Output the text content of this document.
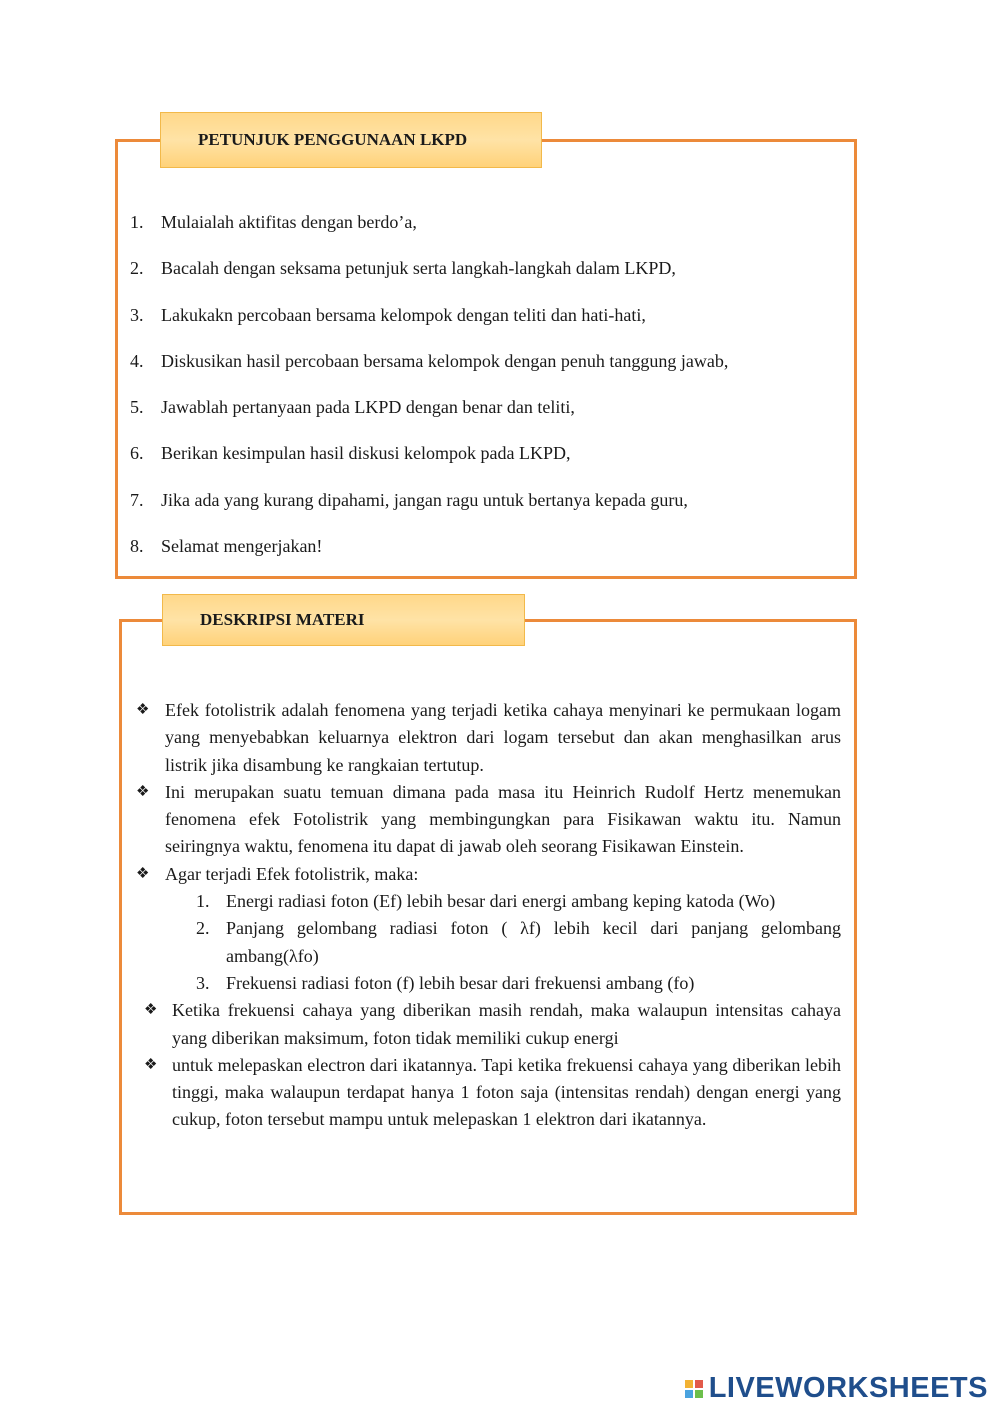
PETUNJUK PENGGUNAAN LKPD
1. Mulaialah aktifitas dengan berdo’a,
2. Bacalah dengan seksama petunjuk serta langkah-langkah dalam LKPD,
3. Lakukakn percobaan bersama kelompok dengan teliti dan hati-hati,
4. Diskusikan hasil percobaan bersama kelompok dengan penuh tanggung jawab,
5. Jawablah pertanyaan pada LKPD dengan benar dan teliti,
6. Berikan kesimpulan hasil diskusi kelompok pada LKPD,
7. Jika ada yang kurang dipahami, jangan ragu untuk bertanya kepada guru,
8. Selamat mengerjakan!
DESKRIPSI MATERI
❖ Efek fotolistrik adalah fenomena yang terjadi ketika cahaya menyinari ke permukaan logam yang menyebabkan keluarnya elektron dari logam tersebut dan akan menghasilkan arus listrik jika disambung ke rangkaian tertutup.
❖ Ini merupakan suatu temuan dimana pada masa itu Heinrich Rudolf Hertz menemukan fenomena efek Fotolistrik yang membingungkan para Fisikawan waktu itu. Namun seiringnya waktu, fenomena itu dapat di jawab oleh seorang Fisikawan Einstein.
❖ Agar terjadi Efek fotolistrik, maka:
1. Energi radiasi foton (Ef) lebih besar dari energi ambang keping katoda (Wo)
2. Panjang gelombang radiasi foton ( λf) lebih kecil dari panjang gelombang ambang(λfo)
3. Frekuensi radiasi foton (f) lebih besar dari frekuensi ambang (fo)
❖ Ketika frekuensi cahaya yang diberikan masih rendah, maka walaupun intensitas cahaya yang diberikan maksimum, foton tidak memiliki cukup energi
❖ untuk melepaskan electron dari ikatannya. Tapi ketika frekuensi cahaya yang diberikan lebih tinggi, maka walaupun terdapat hanya 1 foton saja (intensitas rendah) dengan energi yang cukup, foton tersebut mampu untuk melepaskan 1 elektron dari ikatannya.
LIVEWORKSHEETS
